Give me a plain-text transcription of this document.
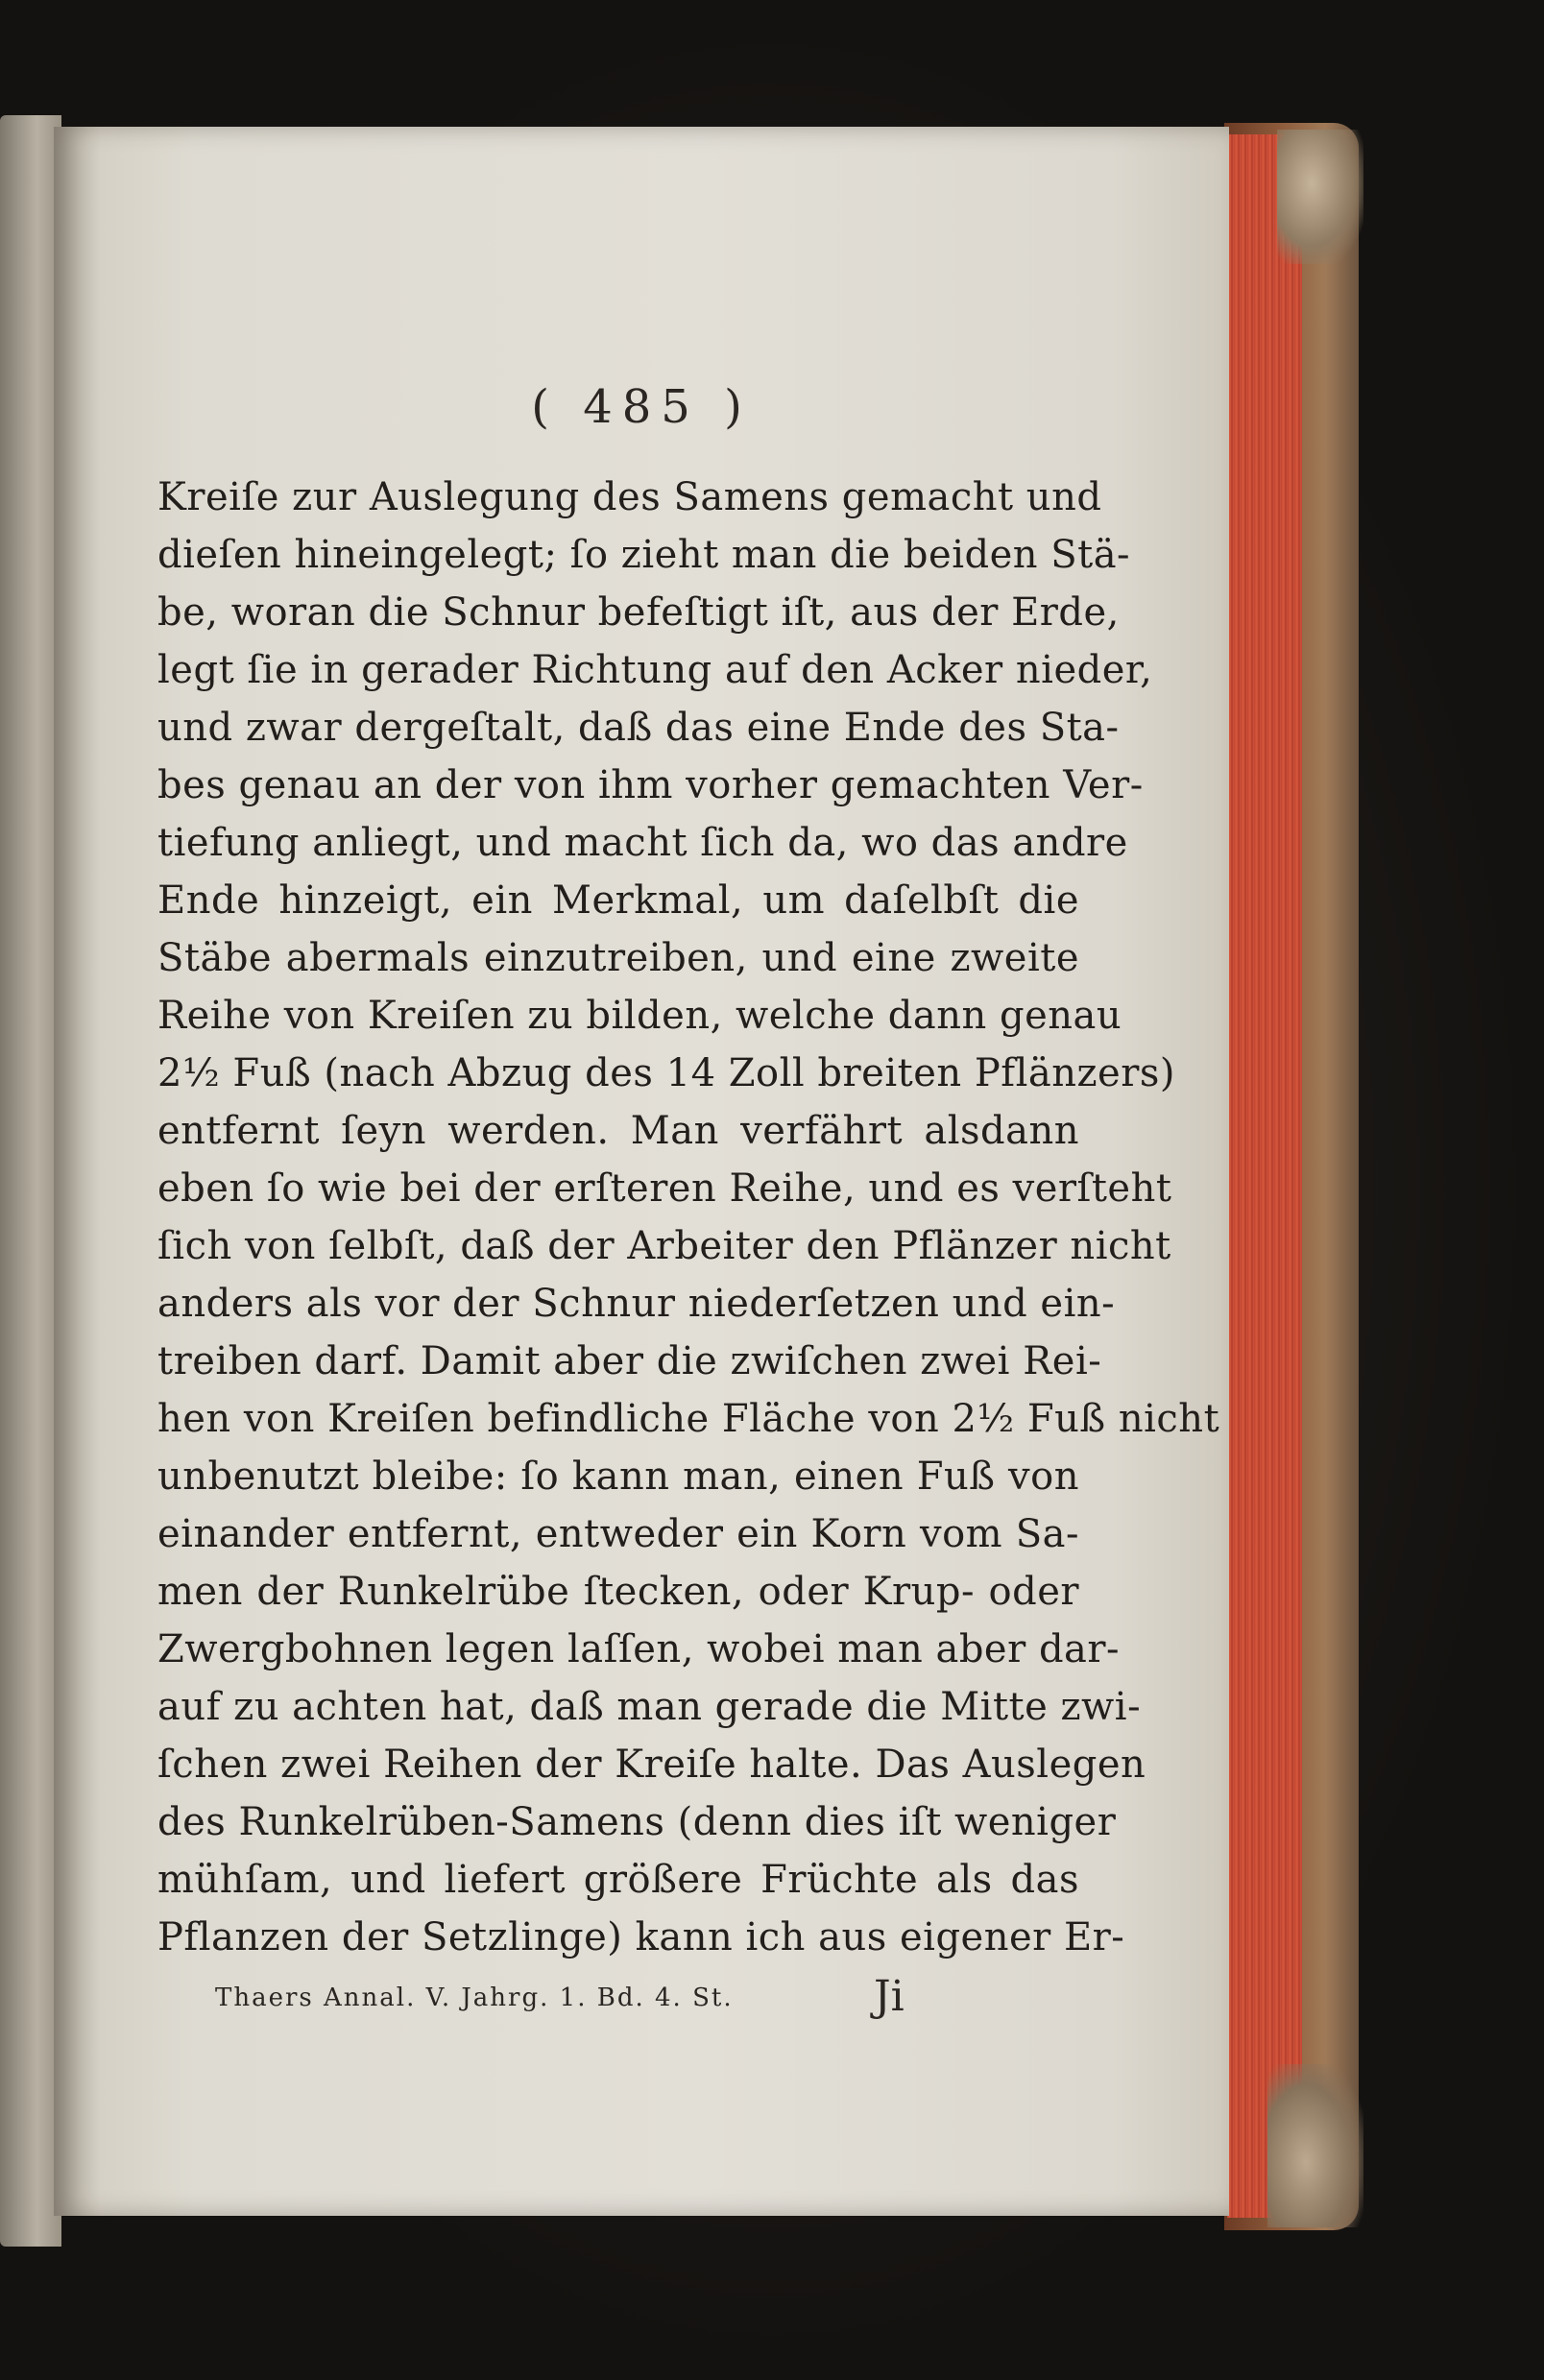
( 485 )
Kreiſe zur Auslegung des Samens gemacht und
dieſen hineingelegt; ſo zieht man die beiden Stä-
be, woran die Schnur befeſtigt iſt, aus der Erde,
legt ſie in gerader Richtung auf den Acker nieder,
und zwar dergeſtalt, daß das eine Ende des Sta-
bes genau an der von ihm vorher gemachten Ver-
tiefung anliegt, und macht ſich da, wo das andre
Ende hinzeigt, ein Merkmal, um daſelbſt die
Stäbe abermals einzutreiben, und eine zweite
Reihe von Kreiſen zu bilden, welche dann genau
2½ Fuß (nach Abzug des 14 Zoll breiten Pflänzers)
entfernt ſeyn werden. Man verfährt alsdann
eben ſo wie bei der erſteren Reihe, und es verſteht
ſich von ſelbſt, daß der Arbeiter den Pflänzer nicht
anders als vor der Schnur niederſetzen und ein-
treiben darf. Damit aber die zwiſchen zwei Rei-
hen von Kreiſen befindliche Fläche von 2½ Fuß nicht
unbenutzt bleibe: ſo kann man, einen Fuß von
einander entfernt, entweder ein Korn vom Sa-
men der Runkelrübe ſtecken, oder Krup- oder
Zwergbohnen legen laſſen, wobei man aber dar-
auf zu achten hat, daß man gerade die Mitte zwi-
ſchen zwei Reihen der Kreiſe halte. Das Auslegen
des Runkelrüben-Samens (denn dies iſt weniger
mühſam, und liefert größere Früchte als das
Pflanzen der Setzlinge) kann ich aus eigener Er-
Thaers Annal. V. Jahrg. 1. Bd. 4. St.	Ji
